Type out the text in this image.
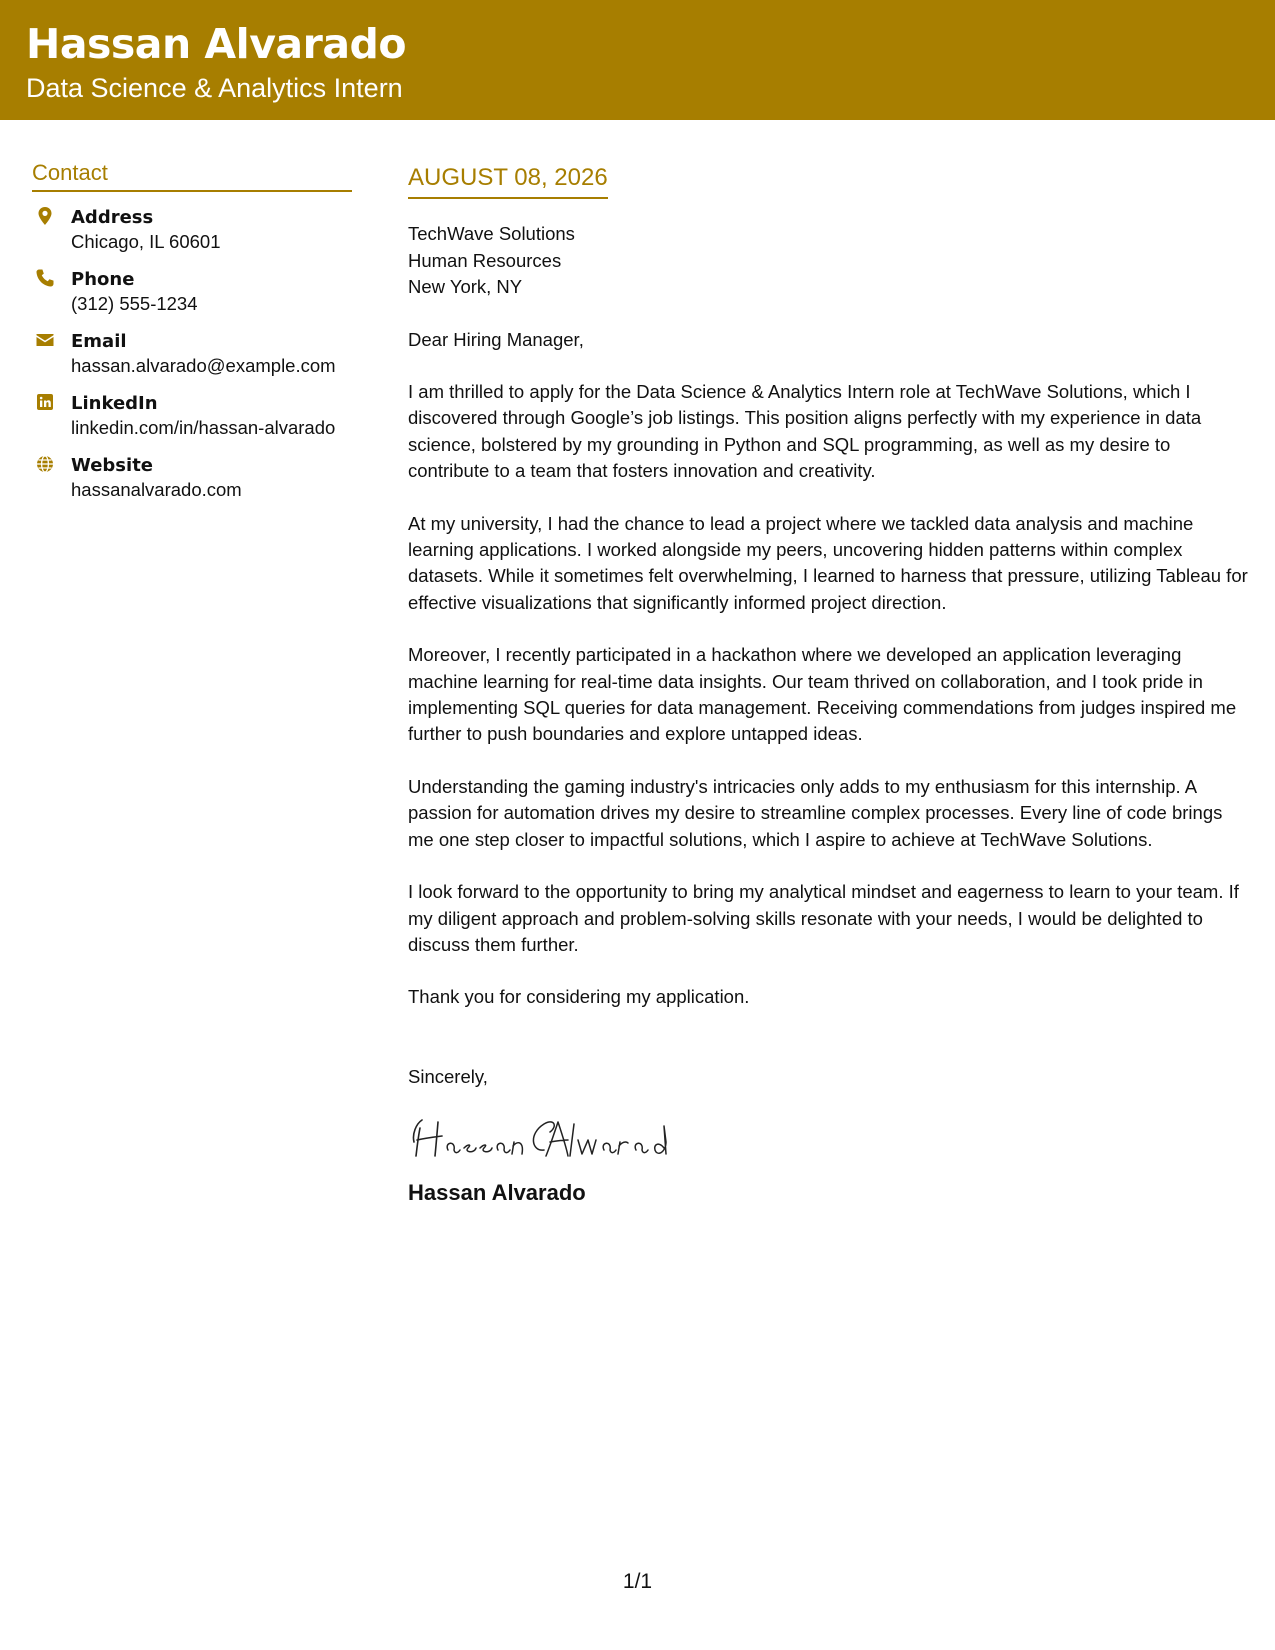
Hassan Alvarado
Data Science & Analytics Intern
Contact
Address
Chicago, IL 60601
Phone
(312) 555-1234
Email
hassan.alvarado@example.com
LinkedIn
linkedin.com/in/hassan-alvarado
Website
hassanalvarado.com
AUGUST 08, 2026
TechWave Solutions
Human Resources
New York, NY
Dear Hiring Manager,
I am thrilled to apply for the Data Science & Analytics Intern role at TechWave Solutions, which I discovered through Google’s job listings. This position aligns perfectly with my experience in data science, bolstered by my grounding in Python and SQL programming, as well as my desire to contribute to a team that fosters innovation and creativity.
At my university, I had the chance to lead a project where we tackled data analysis and machine learning applications. I worked alongside my peers, uncovering hidden patterns within complex datasets. While it sometimes felt overwhelming, I learned to harness that pressure, utilizing Tableau for effective visualizations that significantly informed project direction.
Moreover, I recently participated in a hackathon where we developed an application leveraging machine learning for real-time data insights. Our team thrived on collaboration, and I took pride in implementing SQL queries for data management. Receiving commendations from judges inspired me further to push boundaries and explore untapped ideas.
Understanding the gaming industry's intricacies only adds to my enthusiasm for this internship. A passion for automation drives my desire to streamline complex processes. Every line of code brings me one step closer to impactful solutions, which I aspire to achieve at TechWave Solutions.
I look forward to the opportunity to bring my analytical mindset and eagerness to learn to your team. If my diligent approach and problem-solving skills resonate with your needs, I would be delighted to discuss them further.
Thank you for considering my application.
Sincerely,
Hassan Alvarado
1/1
